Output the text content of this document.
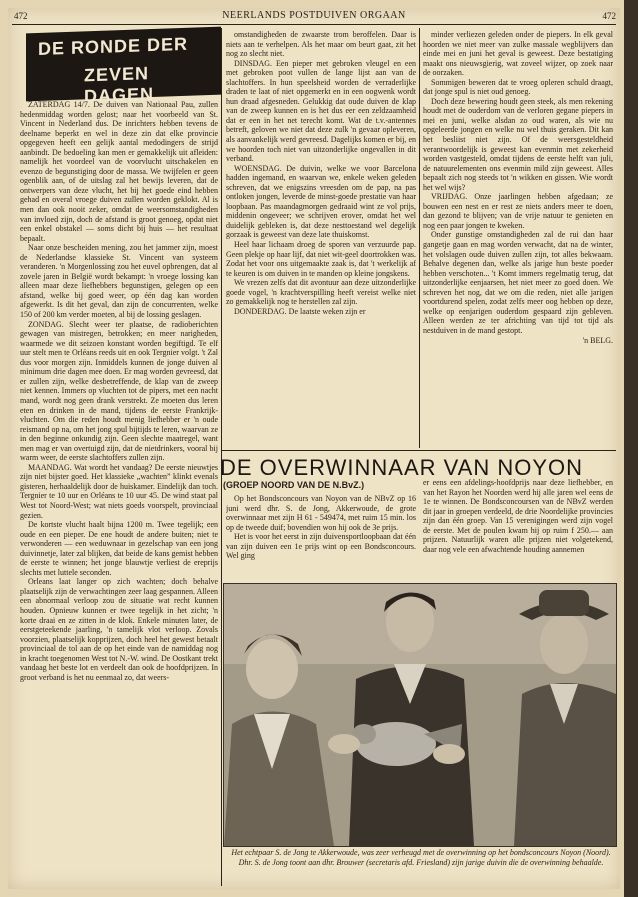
472	NEERLANDS POSTDUIVEN ORGAAN	472
DE RONDE DER
ZEVEN DAGEN

ZATERDAG 14/7. De duiven van Nationaal Pau, zullen hedenmiddag worden gelost; naar het voorbeeld van St. Vincent in Nederland dus. De inrichters hebben tevens de deelname beperkt en wel in deze zin dat elke provincie opgegeven heeft een gelijk aantal medodingers de strijd aanbindt. De bedoeling kan men er gemakkelijk uit afleiden: namelijk het voordeel van de voorvlucht uitschakelen en evenzo de begunstiging door de massa. We twijfelen er geen ogenblik aan, of de uitslag zal het bewijs leveren, dat de ontwerpers van deze vlucht, het bij het goede eind hebben gehad en overal vroege duiven zullen worden geklokt. Al is men dan ook nooit zeker, omdat de weersomstandigheden van invloed zijn, doch de afstand is groot genoeg, opdat niet een enkel obstakel — soms dicht bij huis — het resultaat bepaalt.

Naar onze bescheiden mening, zou het jammer zijn, moest de Nederlandse klassieke St. Vincent van systeem veranderen. 'n Morgenlossing zou het euvel opbrengen, dat al zovele jaren in België wordt bekampt: 'n vroege lossing kan alleen maar deze liefhebbers begunstigen, gelegen op een afstand, welke bij goed weer, op één dag kan worden afgewerkt. Is dit het geval, dan zijn de concurrenten, welke 150 of 200 km verder moeten, al bij de lossing geslagen.

ZONDAG. Slecht weer ter plaatse, de radioberichten gewagen van mistregen, betrokken; en meer narigheden, waarmede we dit seizoen konstant worden begiftigd. Te elf uur stelt men te Orléans reeds uit en ook Tergnier volgt. 't Zal dus voor morgen zijn. Inmiddels kunnen de jonge duiven al minimum drie dagen mee doen. Er mag worden gevreesd, dat er zullen zijn, welke desbetreffende, de klap van de zweep niet kennen. Immers op vluchten tot de pipers, met een nacht mand, wordt nog geen drank verstrekt. Ze moeten dus leren eten en drinken in de mand, tijdens de eerste Frankrijk-vluchten. Om die reden houdt menig liefhebber er 'n oude reismand op na, om het jong spul bijtijds te leren, waarvan ze in den beginne onkundig zijn. Geen slechte maatregel, want men mag er van overtuigd zijn, dat de nietdrinkers, vooral bij warm weer, de eerste slachtoffers zullen zijn.

MAANDAG. Wat wordt het vandaag? De eerste nieuwtjes zijn niet bijster goed. Het klassieke „wachten” klinkt evenals gisteren, herhaaldelijk door de huiskamer. Eindelijk dan toch. Tergnier te 10 uur en Orléans te 10 uur 45. De wind staat pal West tot Noord-West; wat niets goeds voorspelt, provinciaal gezien.

De kortste vlucht haalt bijna 1200 m. Twee tegelijk; een oude en een pieper. De ene houdt de andere buiten; niet te verwonderen — een weduwnaar in gezelschap van een jong duivinnetje, later zal blijken, dat beide de kans gemist hebben de eerste te winnen; het jonge blauwtje verliest de ereprijs slechts met luttele seconden.

Orleans laat langer op zich wachten; doch behalve plaatselijk zijn de verwachtingen zeer laag gespannen. Alleen een abnormaal verloop zou de situatie wat recht kunnen houden. Opnieuw kunnen er twee tegelijk in het zicht; 'n korte draai en ze zitten in de klok. Enkele minuten later, de eerstgeteekende jaarling, 'n tamelijk vlot verloop. Zovals voorzien, plaatselijk kopprijzen, doch heel het gewest betaalt provinciaal de tol aan de op het einde van de namiddag nog in kracht toegenomen West tot N.-W. wind. De Oostkant trekt vandaag het beste lot en verdeelt dan ook de hoofdprijzen. In groot verband is het nu eenmaal zo, dat weers-

omstandigheden de zwaarste trom beroffelen. Daar is niets aan te verhelpen. Als het maar om beurt gaat, zit het nog zo slecht niet.

DINSDAG. Een pieper met gebroken vleugel en een met gebroken poot vullen de lange lijst aan van de slachtoffers. In hun speelsheid worden de verraderlijke draden te laat of niet opgemerkt en in een oogwenk wordt hun draad afgesneden. Gelukkig dat oude duiven de klap van de zweep kunnen en is het dus eer een zeldzaamheid dat er een in het net terecht komt. Wat de t.v.-antennes betreft, geloven we niet dat deze zulk 'n gevaar opleveren, als aanvankelijk werd gevreesd. Dagelijks komen er bij, en we hoorden toch niet van uitzonderlijke ongevallen in dit verband.

WOENSDAG. De duivin, welke we voor Barcelona hadden ingemand, en waarvan we, enkele weken geleden schreven, dat we enigszins vreesden om de pap, na pas ontloken jongen, leverde de minst-goede prestatie van haar loopbaan. Pas maandagmorgen gedraaid wint ze vol prijs, middenin ongeveer; we schrijven erover, omdat het wel duidelijk gebleken is, dat deze nesttoestand wel degelijk gorzaak is geweest van deze late thuiskomst.

Heel haar lichaam droeg de sporen van verzuurde pap. Geen plekje op haar lijf, dat niet wit-geel doortrokken was. Zodat het voor ons uitgemaakte zaak is, dat 't werkelijk af te keuren is om duiven in te manden op kleine jongskens.

We vrezen zelfs dat dit avontuur aan deze uitzonderlijke goede vogel, 'n krachtverspilling heeft vereist welke niet zo gemakkelijk nog te herstellen zal zijn.

DONDERDAG. De laatste weken zijn er

minder verliezen geleden onder de piepers. In elk geval hoorden we niet meer van zulke massale wegblijvers dan einde mei en juni het geval is geweest. Deze bestatiging maakt ons nieuwsgierig, wat zoveel wijzer, op zoek naar de oorzaken.

Sommigen beweren dat te vroeg opleren schuld draagt, dat jonge spul is niet oud genoeg.

Doch deze bewering houdt geen steek, als men rekening houdt met de ouderdom van de verloren gegane piepers in mei en juni, welke alsdan zo oud waren, als wie nu opgeleerde jongen en welke nu wel thuis geraken. Dit kan het besliist niet zijn. Of de weersgesteldheid verantwoordelijk is geweest kan evenmin met zekerheid worden vastgesteld, omdat tijdens de eerste helft van juli, de natuurelementen ons evenmin mild zijn geweest. Alles bepaalt zich nog steeds tot 'n wikken en gissen. Wie wordt het wel wijs?

VRIJDAG. Onze jaarlingen hebben afgedaan; ze bouwen een nest en er rest ze niets anders meer te doen, dan gezond te blijven; van de vrije natuur te genieten en nog een paar jongen te kweken.

Onder gunstige omstandigheden zal de rui dan haar gangetje gaan en mag worden verwacht, dat na de winter, het volslagen oude duiven zullen zijn, tot alles bekwaam. Behalve degenen dan, welke als jarige hun beste poeder hebben verschoten... 't Komt immers regelmatig terug, dat uitzonderlijke eenjaarsen, het niet meer zo goed doen. We schreven het nog, dat we om die reden, niet alle jarigen voortdurend spelen, zodat zelfs meer oog hebben op deze, welke op eenjarigen ouderdom gespaard zijn gebleven. Alleen werden ze ter africhting van tijd tot tijd als nestduiven in de mand gestopt.

'n BELG.

DE OVERWINNAAR VAN NOYON
(GROEP NOORD VAN DE N.BvZ.)

Op het Bondsconcours van Noyon van de NBvZ op 16 juni werd dhr. S. de Jong, Akkerwoude, de grote overwinnaar met zijn H 61 - 549474, met ruim 15 min. los op de tweede duif; bovendien won hij ook de 3e prijs.

Het is voor het eerst in zijn duivensportloopbaan dat één van zijn duiven een 1e prijs wint op een Bondsconcours. Wel ging

er eens een afdelings-hoofdprijs naar deze liefhebber, en van het Rayon het Noorden werd hij alle jaren wel eens de 1e te winnen. De Bondsconcoursen van de NBvZ werden dit jaar in groepen verdeeld, de drie Noordelijke provincies zijn dan één groep. Van 15 verenigingen werd zijn vogel de eerste. Met de poulen kwam hij op ruim f 250.— aan prijzen. Natuurlijk waren alle prijzen niet volgetekend, daar nog vele een afwachtende houding aannemen

Het echtpaar S. de Jong te Akkerwoude, was zeer verheugd met de overwinning op het bondsconcours Noyon (Noord). Dhr. S. de Jong toont aan dhr. Brouwer (secretaris afd. Friesland) zijn jarige duivin die de overwinning behaalde.
